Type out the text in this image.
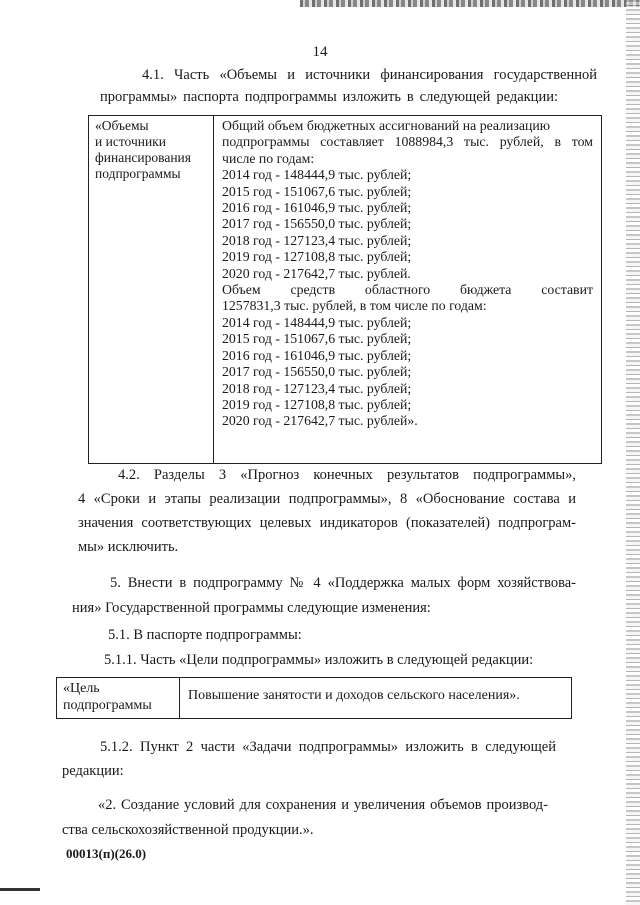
14
4.1. Часть «Объемы и источники финансирования государственной
программы» паспорта подпрограммы изложить в следующей редакции:
«Объемы
и источники
финансирования
подпрограммы
Общий объем бюджетных ассигнований на реализацию
подпрограммы составляет 1088984,3 тыс. рублей, в том
числе по годам:
2014 год - 148444,9 тыс. рублей;
2015 год - 151067,6 тыс. рублей;
2016 год - 161046,9 тыс. рублей;
2017 год - 156550,0 тыс. рублей;
2018 год - 127123,4 тыс. рублей;
2019 год - 127108,8 тыс. рублей;
2020 год - 217642,7 тыс. рублей.
Объем средств областного бюджета составит
1257831,3 тыс. рублей, в том числе по годам:
2014 год - 148444,9 тыс. рублей;
2015 год - 151067,6 тыс. рублей;
2016 год - 161046,9 тыс. рублей;
2017 год - 156550,0 тыс. рублей;
2018 год - 127123,4 тыс. рублей;
2019 год - 127108,8 тыс. рублей;
2020 год - 217642,7 тыс. рублей».
4.2. Разделы 3 «Прогноз конечных результатов подпрограммы»,
4 «Сроки и этапы реализации подпрограммы», 8 «Обоснование состава и
значения соответствующих целевых индикаторов (показателей) подпрограм-
мы» исключить.
5. Внести в подпрограмму № 4 «Поддержка малых форм хозяйствова-
ния» Государственной программы следующие изменения:
5.1. В паспорте подпрограммы:
5.1.1. Часть «Цели подпрограммы» изложить в следующей редакции:
«Цель
подпрограммы
Повышение занятости и доходов сельского населения».
5.1.2. Пункт 2 части «Задачи подпрограммы» изложить в следующей
редакции:
«2. Создание условий для сохранения и увеличения объемов производ-
ства сельскохозяйственной продукции.».
00013(п)(26.0)
